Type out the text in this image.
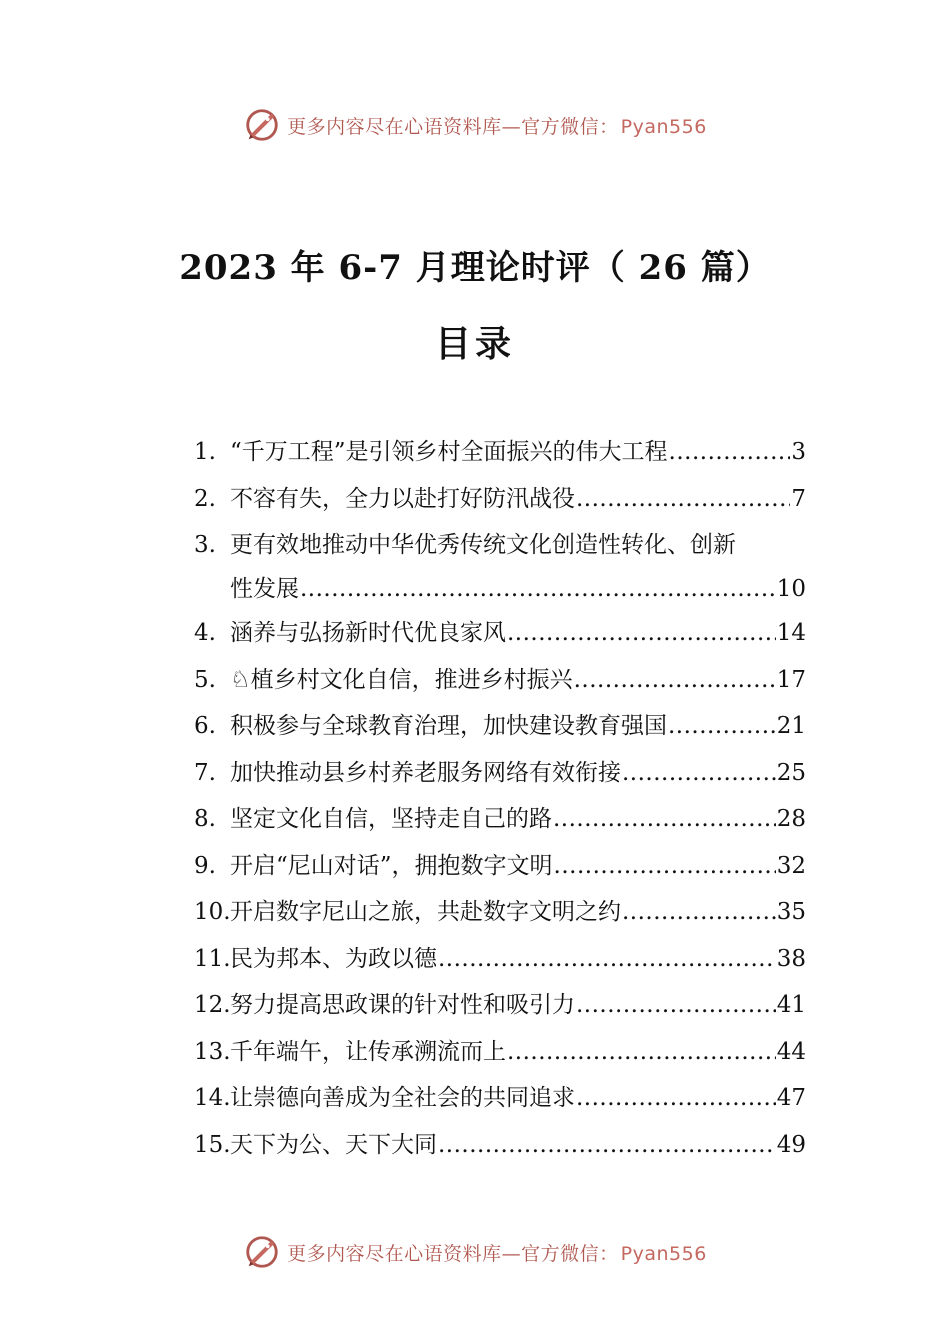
更多内容尽在心语资料库—官方微信： Pyan556
2023 年 6-7 月理论时评（ 26 篇）
目录
1. “千万工程”是引领乡村全面振兴的伟大工程 .....	3
2. 不容有失，全力以赴打好防汛战役 .....	7
3. 更有效地推动中华优秀传统文化创造性转化、创新
性发展 .....	10
4. 涵养与弘扬新时代优良家风 .....	14
5. ♘植乡村文化自信，推进乡村振兴 .....	17
6. 积极参与全球教育治理，加快建设教育强国 .....	21
7. 加快推动县乡村养老服务网络有效衔接 .....	25
8. 坚定文化自信，坚持走自己的路 .....	28
9. 开启“尼山对话”，拥抱数字文明 .....	32
10. 开启数字尼山之旅，共赴数字文明之约 .....	35
11. 民为邦本、为政以德 .....	38
12. 努力提高思政课的针对性和吸引力 .....	41
13. 千年端午，让传承溯流而上 .....	44
14. 让崇德向善成为全社会的共同追求 .....	47
15. 天下为公、天下大同 .....	49
更多内容尽在心语资料库—官方微信： Pyan556
